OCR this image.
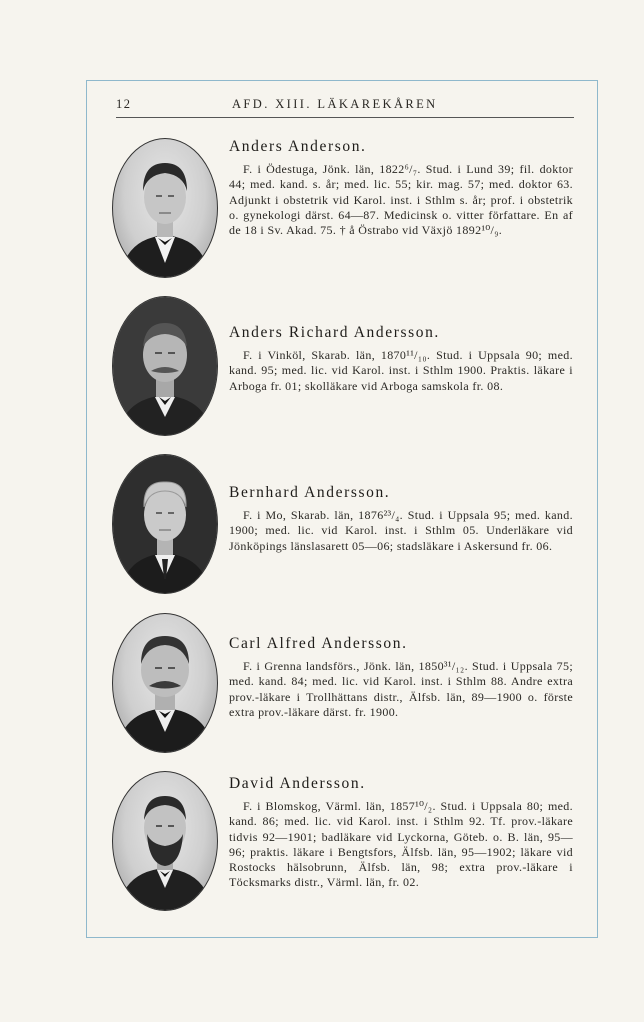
12	AFD. XIII. LÄKAREKÅREN
Anders Anderson.

F. i Ödestuga, Jönk. län, 1822⁶/₇. Stud. i Lund 39; fil. doktor 44; med. kand. s. år; med. lic. 55; kir. mag. 57; med. doktor 63. Adjunkt i obstetrik vid Karol. inst. i Sthlm s. år; prof. i obstetrik o. gynekologi därst. 64—87. Medicinsk o. vitter författare. En af de 18 i Sv. Akad. 75. † å Östrabo vid Växjö 1892¹⁰/₉.

Anders Richard Andersson.

F. i Vinköl, Skarab. län, 1870¹¹/₁₀. Stud. i Uppsala 90; med. kand. 95; med. lic. vid Karol. inst. i Sthlm 1900. Praktis. läkare i Arboga fr. 01; skolläkare vid Arboga samskola fr. 08.

Bernhard Andersson.

F. i Mo, Skarab. län, 1876²³/₄. Stud. i Uppsala 95; med. kand. 1900; med. lic. vid Karol. inst. i Sthlm 05. Underläkare vid Jönköpings länslasarett 05—06; stadsläkare i Askersund fr. 06.

Carl Alfred Andersson.

F. i Grenna landsförs., Jönk. län, 1850³¹/₁₂. Stud. i Uppsala 75; med. kand. 84; med. lic. vid Karol. inst. i Sthlm 88. Andre extra prov.-läkare i Trollhättans distr., Älfsb. län, 89—1900 o. förste extra prov.-läkare därst. fr. 1900.

David Andersson.

F. i Blomskog, Värml. län, 1857¹⁰/₂. Stud. i Uppsala 80; med. kand. 86; med. lic. vid Karol. inst. i Sthlm 92. Tf. prov.-läkare tidvis 92—1901; badläkare vid Lyckorna, Göteb. o. B. län, 95—96; praktis. läkare i Bengtsfors, Älfsb. län, 95—1902; läkare vid Rostocks hälsobrunn, Älfsb. län, 98; extra prov.-läkare i Töcksmarks distr., Värml. län, fr. 02.
